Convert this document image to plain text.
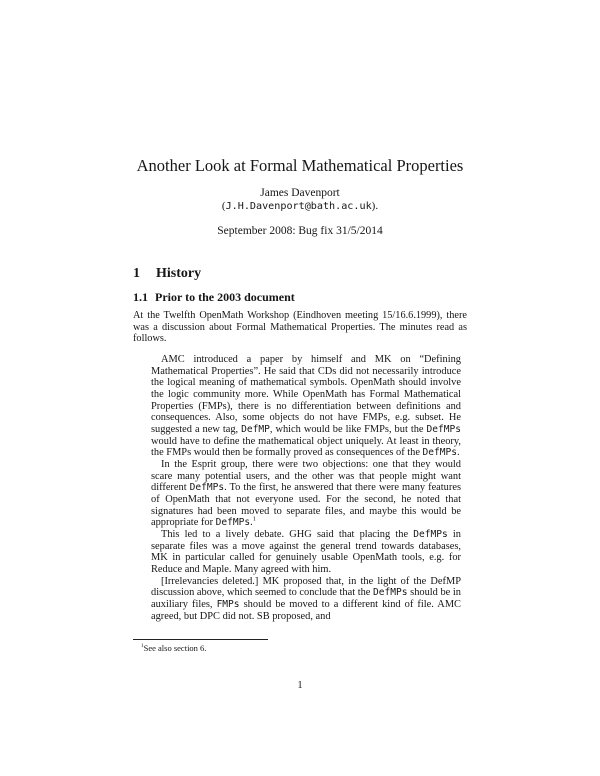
Another Look at Formal Mathematical Properties
James Davenport
(J.H.Davenport@bath.ac.uk).
September 2008: Bug fix 31/5/2014
1 History
1.1 Prior to the 2003 document
At the Twelfth OpenMath Workshop (Eindhoven meeting 15/16.6.1999), there was a discussion about Formal Mathematical Properties. The minutes read as follows.

AMC introduced a paper by himself and MK on “Defining Mathematical Properties”. He said that CDs did not necessarily introduce the logical meaning of mathematical symbols. OpenMath should involve the logic community more. While OpenMath has Formal Mathematical Properties (FMPs), there is no differentiation between definitions and consequences. Also, some objects do not have FMPs, e.g. subset. He suggested a new tag, DefMP, which would be like FMPs, but the DefMPs would have to define the mathematical object uniquely. At least in theory, the FMPs would then be formally proved as consequences of the DefMPs.

In the Esprit group, there were two objections: one that they would scare many potential users, and the other was that people might want different DefMPs. To the first, he answered that there were many features of OpenMath that not everyone used. For the second, he noted that signatures had been moved to separate files, and maybe this would be appropriate for DefMPs.$^1$

This led to a lively debate. GHG said that placing the DefMPs in separate files was a move against the general trend towards databases, MK in particular called for genuinely usable OpenMath tools, e.g. for Reduce and Maple. Many agreed with him.

[Irrelevancies deleted.] MK proposed that, in the light of the DefMP discussion above, which seemed to conclude that the DefMPs should be in auxiliary files, FMPs should be moved to a different kind of file. AMC agreed, but DPC did not. SB proposed, and

$^1$See also section 6.
1
